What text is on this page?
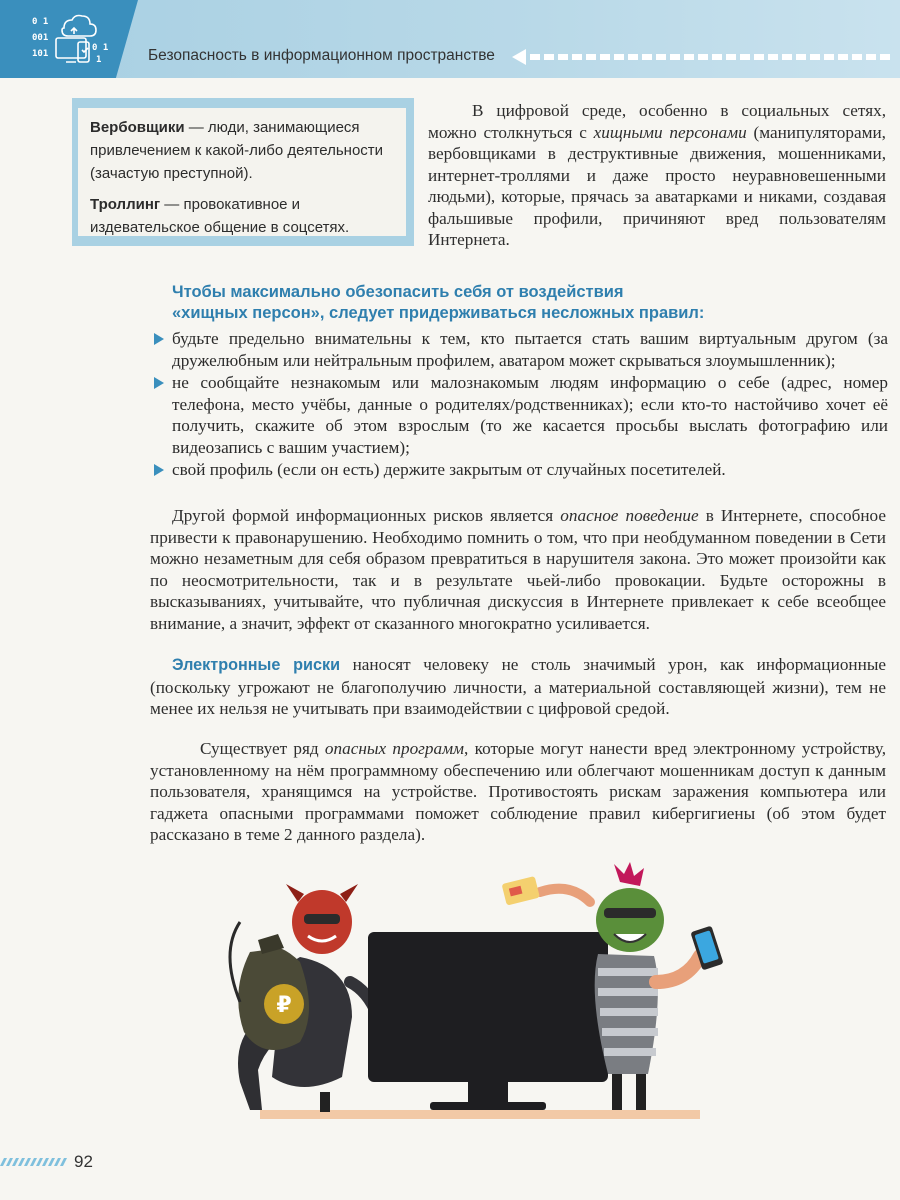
0 1
001
101
0 1
1	Безопасность в информационном пространстве

Вербовщики — люди, занимающиеся привлечением к какой-либо деятельности (зачастую преступной).

Троллинг — провокативное и издевательское общение в соцсетях.

В цифровой среде, особенно в социальных сетях, можно столкнуться с хищными персонами (манипуляторами, вербовщиками в деструктивные движения, мошенниками, интернет-троллями и даже просто неуравновешенными людьми), которые, прячась за аватарками и никами, создавая фальшивые профили, причиняют вред пользователям Интернета.
Чтобы максимально обезопасить себя от воздействия
«хищных персон», следует придерживаться несложных правил:
будьте предельно внимательны к тем, кто пытается стать вашим виртуальным другом (за дружелюбным или нейтральным профилем, аватаром может скрываться злоумышленник);
не сообщайте незнакомым или малознакомым людям информацию о себе (адрес, номер телефона, место учёбы, данные о родителях/родственниках); если кто-то настойчиво хочет её получить, скажите об этом взрослым (то же касается просьбы выслать фотографию или видеозапись с вашим участием);
свой профиль (если он есть) держите закрытым от случайных посетителей.
Другой формой информационных рисков является опасное поведение в Интернете, способное привести к правонарушению. Необходимо помнить о том, что при необдуманном поведении в Сети можно незаметным для себя образом превратиться в нарушителя закона. Это может произойти как по неосмотрительности, так и в результате чьей-либо провокации. Будьте осторожны в высказываниях, учитывайте, что публичная дискуссия в Интернете привлекает к себе всеобщее внимание, а значит, эффект от сказанного многократно усиливается.
Электронные риски наносят человеку не столь значимый урон, как информационные (поскольку угрожают не благополучию личности, а материальной составляющей жизни), тем не менее их нельзя не учитывать при взаимодействии с цифровой средой.
Существует ряд опасных программ, которые могут нанести вред электронному устройству, установленному на нём программному обеспечению или облегчают мошенникам доступ к данным пользователя, хранящимся на устройстве. Противостоять рискам заражения компьютера или гаджета опасными программами поможет соблюдение правил кибергигиены (об этом будет рассказано в теме 2 данного раздела).
₽
92
